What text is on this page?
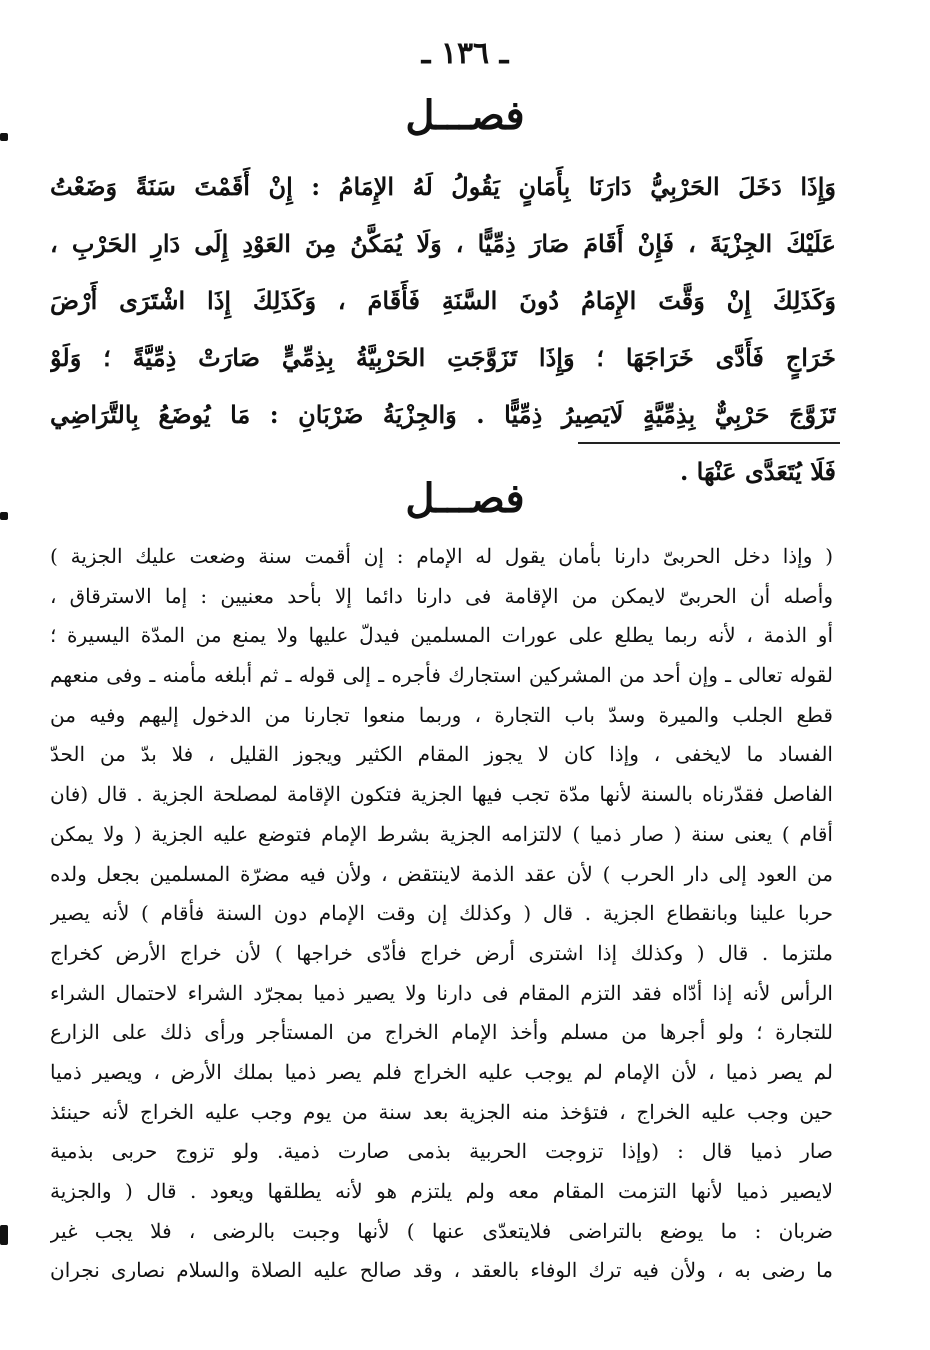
ـ ١٣٦ ـ
فصـــل
وَإِذَا دَخَلَ الحَرْبِيُّ دَارَنَا بِأَمَانٍ يَقُولُ لَهُ الإِمَامُ : إِنْ أَقَمْتَ سَنَةً وَضَعْتُ
عَلَيْكَ الجِزْيَةَ ، فَإِنْ أَقَامَ صَارَ ذِمِّيًّا ، وَلَا يُمَكَّنُ مِنَ العَوْدِ إِلَى دَارِ الحَرْبِ ،
وَكَذَلِكَ إِنْ وَقَّتَ الإِمَامُ دُونَ السَّنَةِ فَأَقَامَ ، وَكَذَلِكَ إِذَا اشْتَرَى أَرْضَ
خَرَاجٍ فَأَدَّى خَرَاجَهَا ؛ وَإِذَا تَزَوَّجَتِ الحَرْبِيَّةُ بِذِمِّيٍّ صَارَتْ ذِمِّيَّةً ؛ وَلَوْ
تَزَوَّجَ حَرْبِيٌّ بِذِمِّيَّةٍ لَايَصِيرُ ذِمِّيًّا . وَالجِزْيَةُ ضَرْبَانِ : مَا يُوضَعُ بِالتَّرَاضِي
فَلَا يُتَعَدَّى عَنْهَا .
فصـــل
( وإذا دخل الحربىّ دارنا بأمان يقول له الإمام : إن أقمت سنة وضعت عليك الجزية )
وأصله أن الحربىّ لايمكن من الإقامة فى دارنا دائما إلا بأحد معنيين : إما الاسترقاق ،
أو الذمة ، لأنه ربما يطلع على عورات المسلمين فيدلّ عليها ولا يمنع من المدّة اليسيرة ؛
لقوله تعالى ـ وإن أحد من المشركين استجارك فأجره ـ إلى قوله ـ ثم أبلغه مأمنه ـ وفى منعهم
قطع الجلب والميرة وسدّ باب التجارة ، وربما منعوا تجارنا من الدخول إليهم وفيه من
الفساد ما لايخفى ، وإذا كان لا يجوز المقام الكثير ويجوز القليل ، فلا بدّ من الحدّ
الفاصل فقدّرناه بالسنة لأنها مدّة تجب فيها الجزية فتكون الإقامة لمصلحة الجزية . قال (فان
أقام ) يعنى سنة ( صار ذميا ) لالتزامه الجزية بشرط الإمام فتوضع عليه الجزية ( ولا يمكن
من العود إلى دار الحرب ) لأن عقد الذمة لاينتقض ، ولأن فيه مضرّة المسلمين بجعل ولده
حربا علينا وبانقطاع الجزية . قال ( وكذلك إن وقت الإمام دون السنة فأقام ) لأنه يصير
ملتزما . قال ( وكذلك إذا اشترى أرض خراج فأدّى خراجها ) لأن خراج الأرض كخراج
الرأس لأنه إذا أدّاه فقد التزم المقام فى دارنا ولا يصير ذميا بمجرّد الشراء لاحتمال الشراء
للتجارة ؛ ولو أجرها من مسلم وأخذ الإمام الخراج من المستأجر ورأى ذلك على الزارع
لم يصر ذميا ، لأن الإمام لم يوجب عليه الخراج فلم يصر ذميا بملك الأرض ، ويصير ذميا
حين وجب عليه الخراج ، فتؤخذ منه الجزية بعد سنة من يوم وجب عليه الخراج لأنه حينئذ
صار ذميا قال : (وإذا تزوجت الحربية بذمى صارت ذمية. ولو تزوج حربى بذمية
لايصير ذميا لأنها التزمت المقام معه ولم يلتزم هو لأنه يطلقها ويعود . قال ( والجزية
ضربان : ما يوضع بالتراضى فلايتعدّى عنها ) لأنها وجبت بالرضى ، فلا يجب غير
ما رضى به ، ولأن فيه ترك الوفاء بالعقد ، وقد صالح عليه الصلاة والسلام نصارى نجران
